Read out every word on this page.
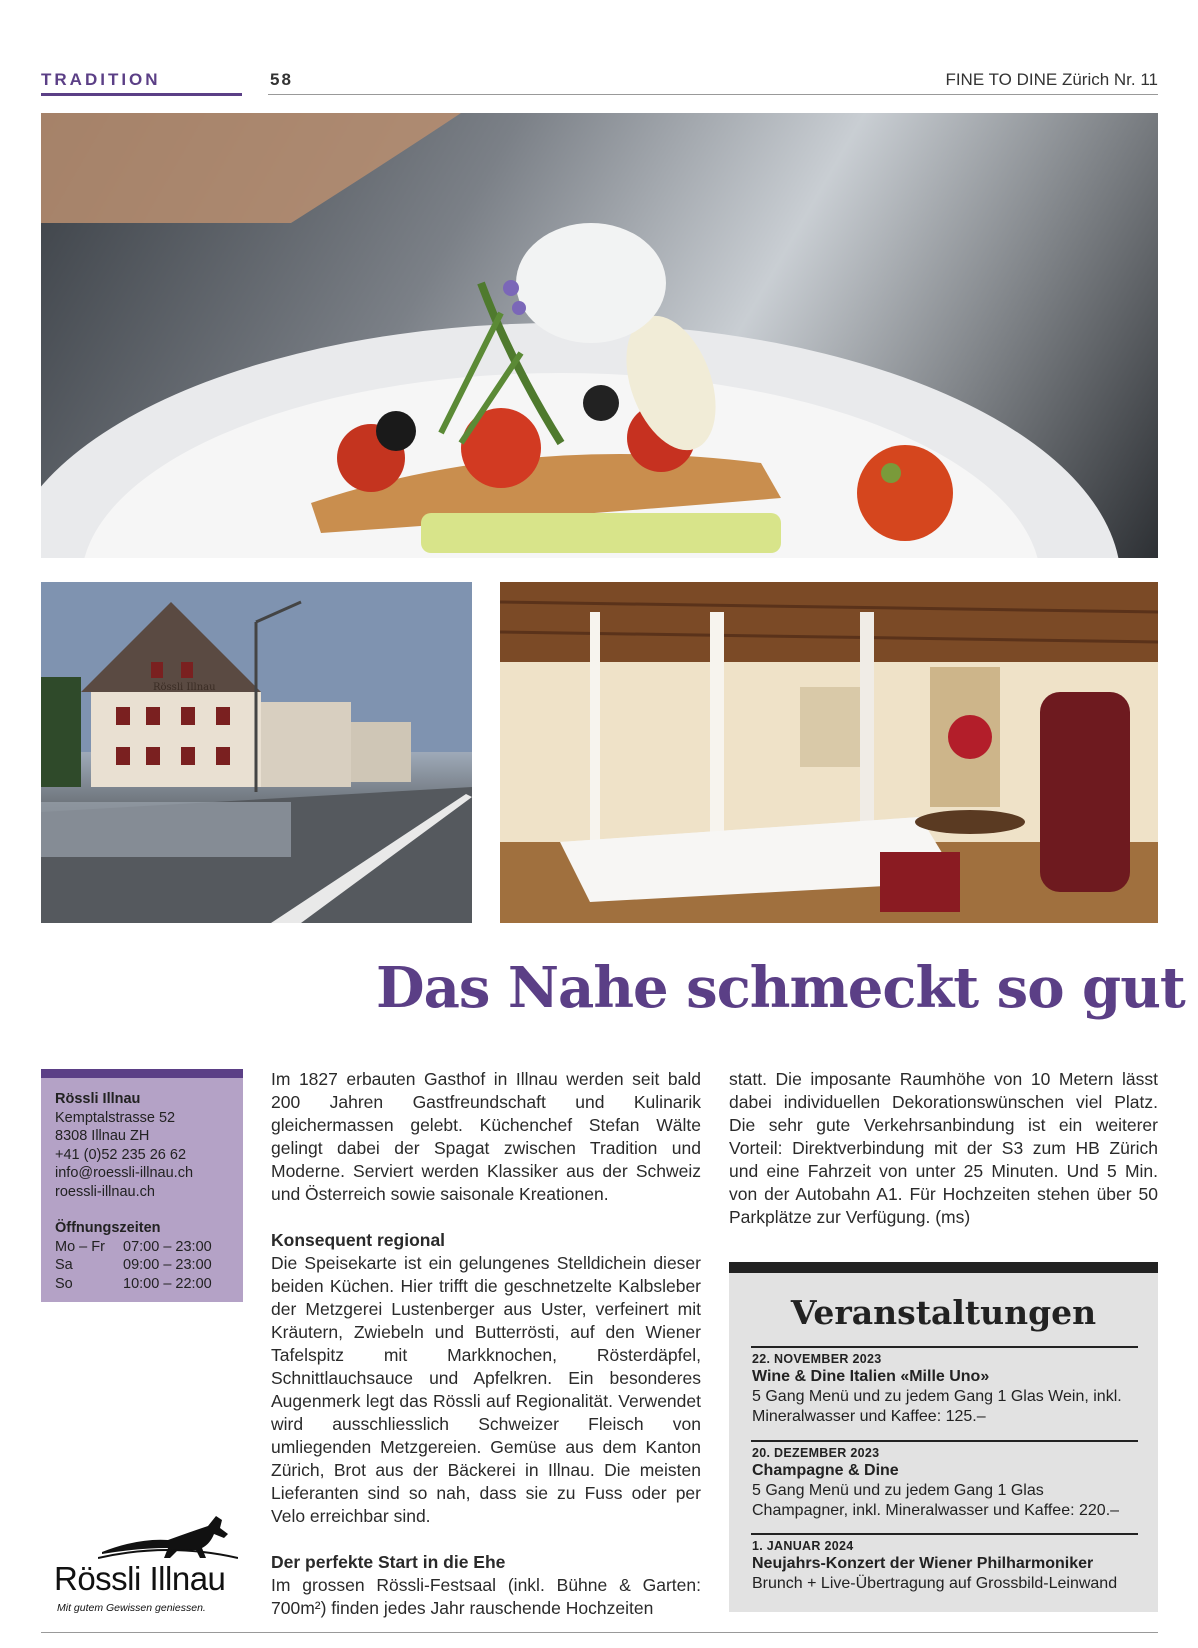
TRADITION	58	FINE TO DINE Zürich Nr. 11
Rössli Illnau
Das Nahe schmeckt so gut
Rössli Illnau
Kemptalstrasse 52
8308 Illnau ZH
+41 (0)52 235 26 62
info@roessli-illnau.ch
roessli-illnau.ch
Öffnungszeiten
Mo – Fr	07:00 – 23:00
Sa	09:00 – 23:00
So	10:00 – 22:00
Rössli Illnau
Mit gutem Gewissen geniessen.

Im 1827 erbauten Gasthof in Illnau werden seit bald 200 Jahren Gastfreundschaft und Kulinarik gleichermassen gelebt. Küchenchef Stefan Wälte gelingt dabei der Spagat zwischen Tradition und Moderne. Serviert werden Klassiker aus der Schweiz und Österreich sowie saisonale Kreationen.

Konsequent regional

Die Speisekarte ist ein gelungenes Stelldichein dieser beiden Küchen. Hier trifft die geschnetzelte Kalbsleber der Metzgerei Lustenberger aus Uster, verfeinert mit Kräutern, Zwiebeln und Butterrösti, auf den Wiener Tafelspitz mit Markknochen, Rösterdäpfel, Schnittlauchsauce und Apfelkren. Ein besonderes Augenmerk legt das Rössli auf Regionalität. Verwendet wird ausschliesslich Schweizer Fleisch von umliegenden Metzgereien. Gemüse aus dem Kanton Zürich, Brot aus der Bäckerei in Illnau. Die meisten Lieferanten sind so nah, dass sie zu Fuss oder per Velo erreichbar sind.

Der perfekte Start in die Ehe

Im grossen Rössli-Festsaal (inkl. Bühne & Garten: 700m²) finden jedes Jahr rauschende Hochzeiten

statt. Die imposante Raumhöhe von 10 Metern lässt dabei individuellen Dekorationswünschen viel Platz. Die sehr gute Verkehrsanbindung ist ein weiterer Vorteil: Direktverbindung mit der S3 zum HB Zürich und eine Fahrzeit von unter 25 Minuten. Und 5 Min. von der Autobahn A1. Für Hochzeiten stehen über 50 Parkplätze zur Verfügung. (ms)

Veranstaltungen
22. NOVEMBER 2023
Wine & Dine Italien «Mille Uno»
5 Gang Menü und zu jedem Gang 1 Glas Wein, inkl. Mineralwasser und Kaffee: 125.–
20. DEZEMBER 2023
Champagne & Dine
5 Gang Menü und zu jedem Gang 1 Glas Champagner, inkl. Mineralwasser und Kaffee: 220.–
1. JANUAR 2024
Neujahrs-Konzert der Wiener Philharmoniker
Brunch + Live-Übertragung auf Grossbild-Leinwand
